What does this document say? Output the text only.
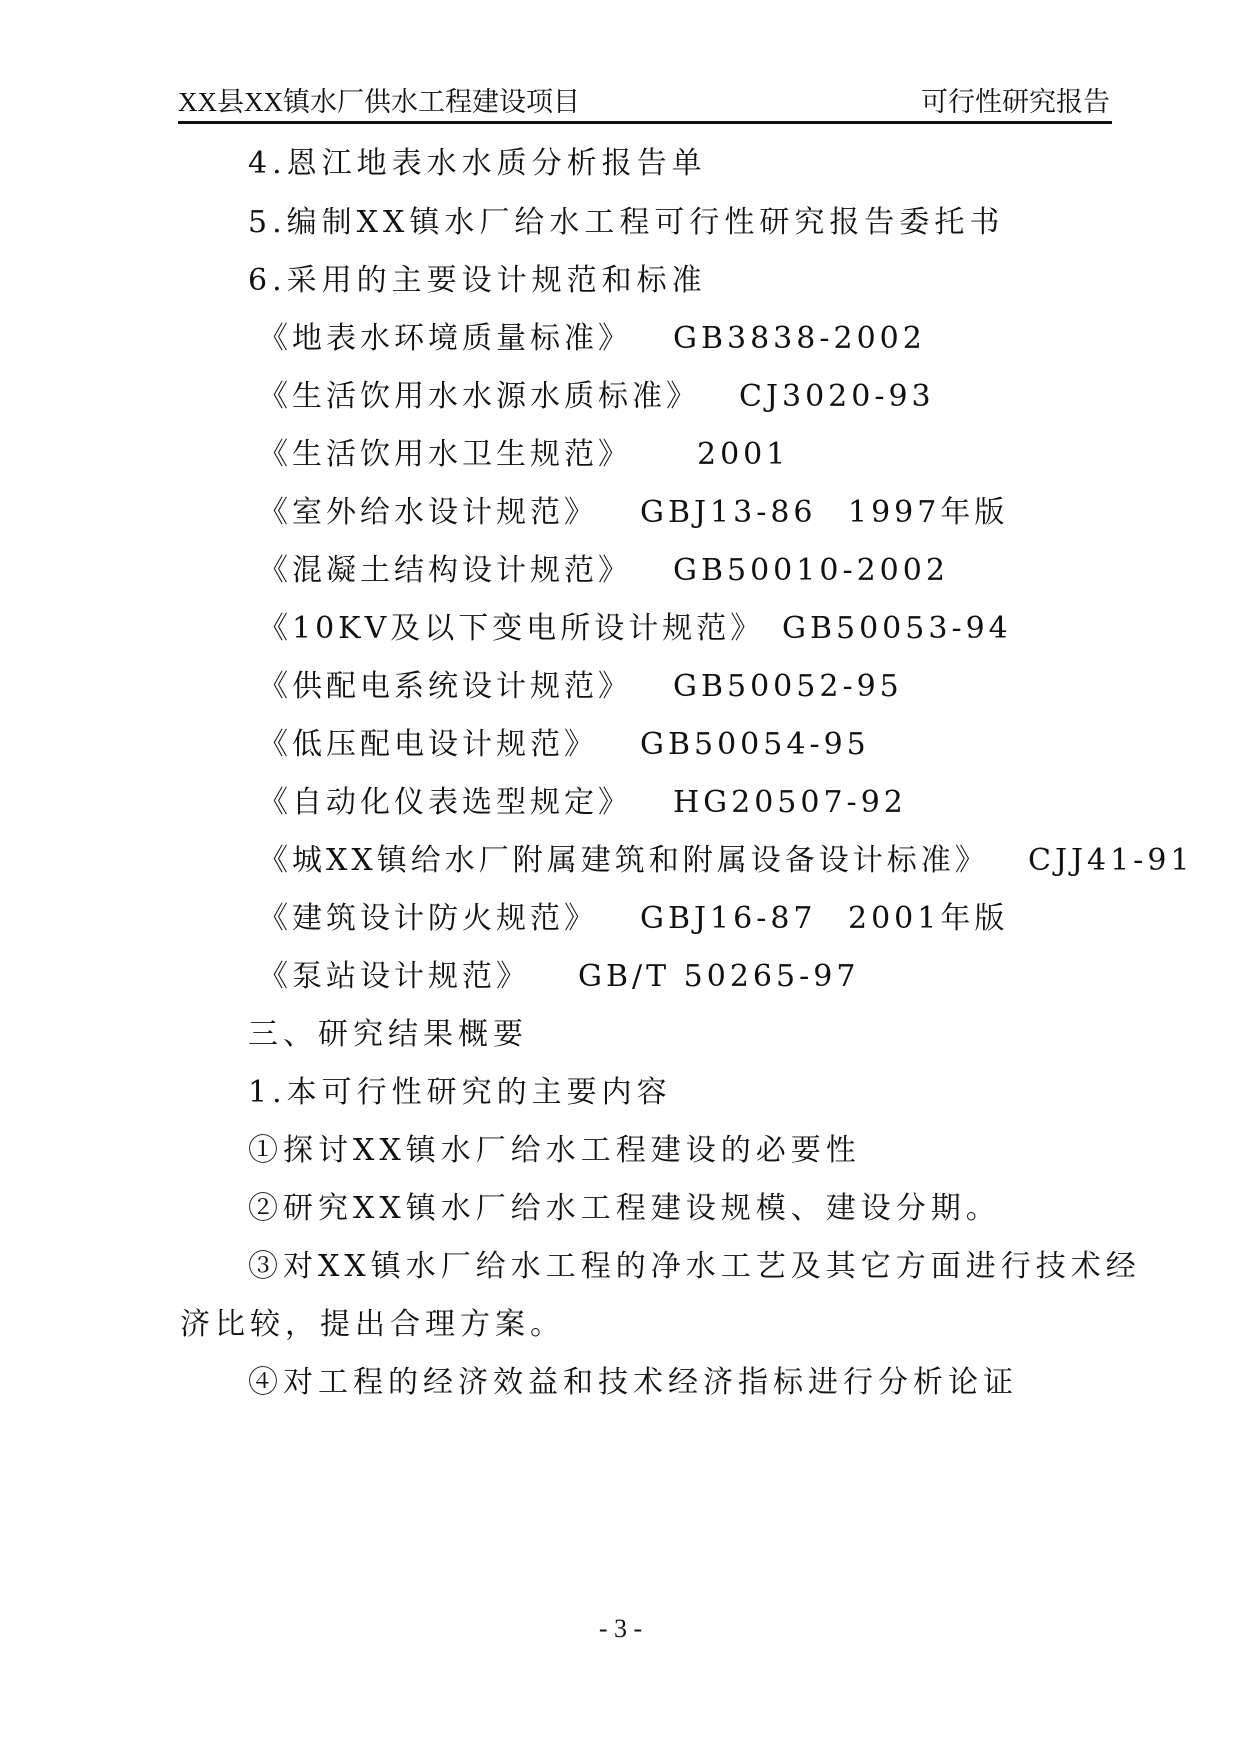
XX县XX镇水厂供水工程建设项目	可行性研究报告
4.恩江地表水水质分析报告单
5.编制XX镇水厂给水工程可行性研究报告委托书
6.采用的主要设计规范和标准
《地表水环境质量标准》 GB3838-2002
《生活饮用水水源水质标准》 CJ3020-93
《生活饮用水卫生规范》 2001
《室外给水设计规范》 GBJ13-86 1997年版
《混凝土结构设计规范》 GB50010-2002
《10KV及以下变电所设计规范》 GB50053-94
《供配电系统设计规范》 GB50052-95
《低压配电设计规范》 GB50054-95
《自动化仪表选型规定》 HG20507-92
《城XX镇给水厂附属建筑和附属设备设计标准》 CJJ41-91
《建筑设计防火规范》 GBJ16-87 2001年版
《泵站设计规范》 GB/T 50265-97
三、研究结果概要
1.本可行性研究的主要内容
①探讨XX镇水厂给水工程建设的必要性
②研究XX镇水厂给水工程建设规模、建设分期。
③对XX镇水厂给水工程的净水工艺及其它方面进行技术经
济比较，提出合理方案。
④对工程的经济效益和技术经济指标进行分析论证
- 3 -
